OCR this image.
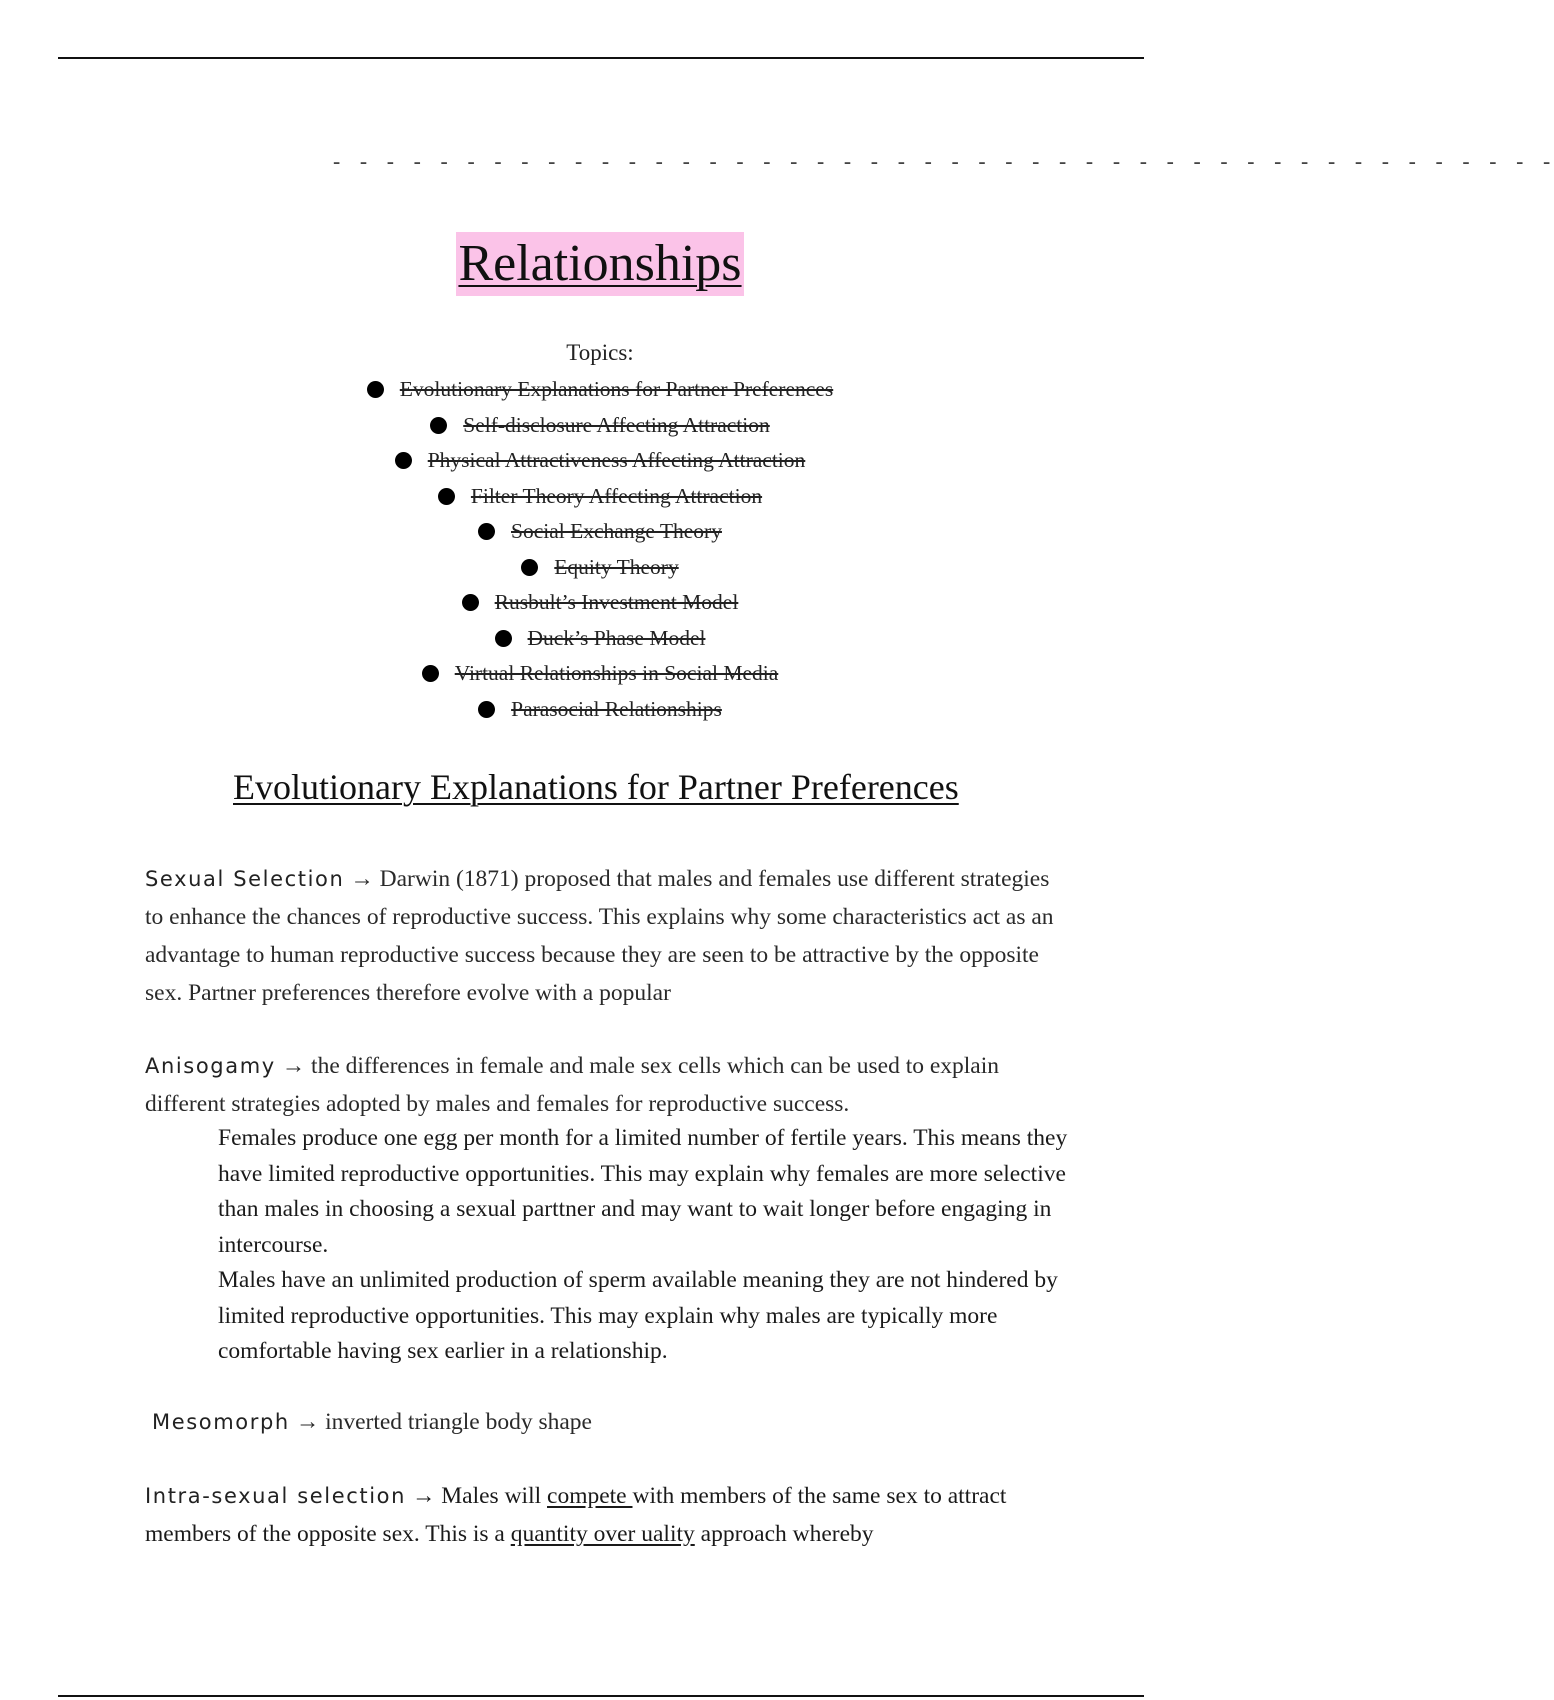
- - - - - - - - - - - - - - - - - - - - - - - - - - - - - - - - - - - - - - - - - - - - - -
Relationships
Topics:
Evolutionary Explanations for Partner Preferences
Self-disclosure Affecting Attraction
Physical Attractiveness Affecting Attraction
Filter Theory Affecting Attraction
Social Exchange Theory
Equity Theory
Rusbult’s Investment Model
Duck’s Phase Model
Virtual Relationships in Social Media
Parasocial Relationships
Evolutionary Explanations for Partner Preferences

Sexual Selection → Darwin (1871) proposed that males and females use different strategies to enhance the chances of reproductive success. This explains why some characteristics act as an advantage to human reproductive success because they are seen to be attractive by the opposite sex. Partner preferences therefore evolve with a popular

Anisogamy → the differences in female and male sex cells which can be used to explain different strategies adopted by males and females for reproductive success.

Females produce one egg per month for a limited number of fertile years. This means they have limited reproductive opportunities. This may explain why females are more selective than males in choosing a sexual parttner and may want to wait longer before engaging in intercourse.

Males have an unlimited production of sperm available meaning they are not hindered by limited reproductive opportunities. This may explain why males are typically more comfortable having sex earlier in a relationship.

Mesomorph → inverted triangle body shape

Intra-sexual selection → Males will compete with members of the same sex to attract members of the opposite sex. This is a quantity over uality approach whereby
